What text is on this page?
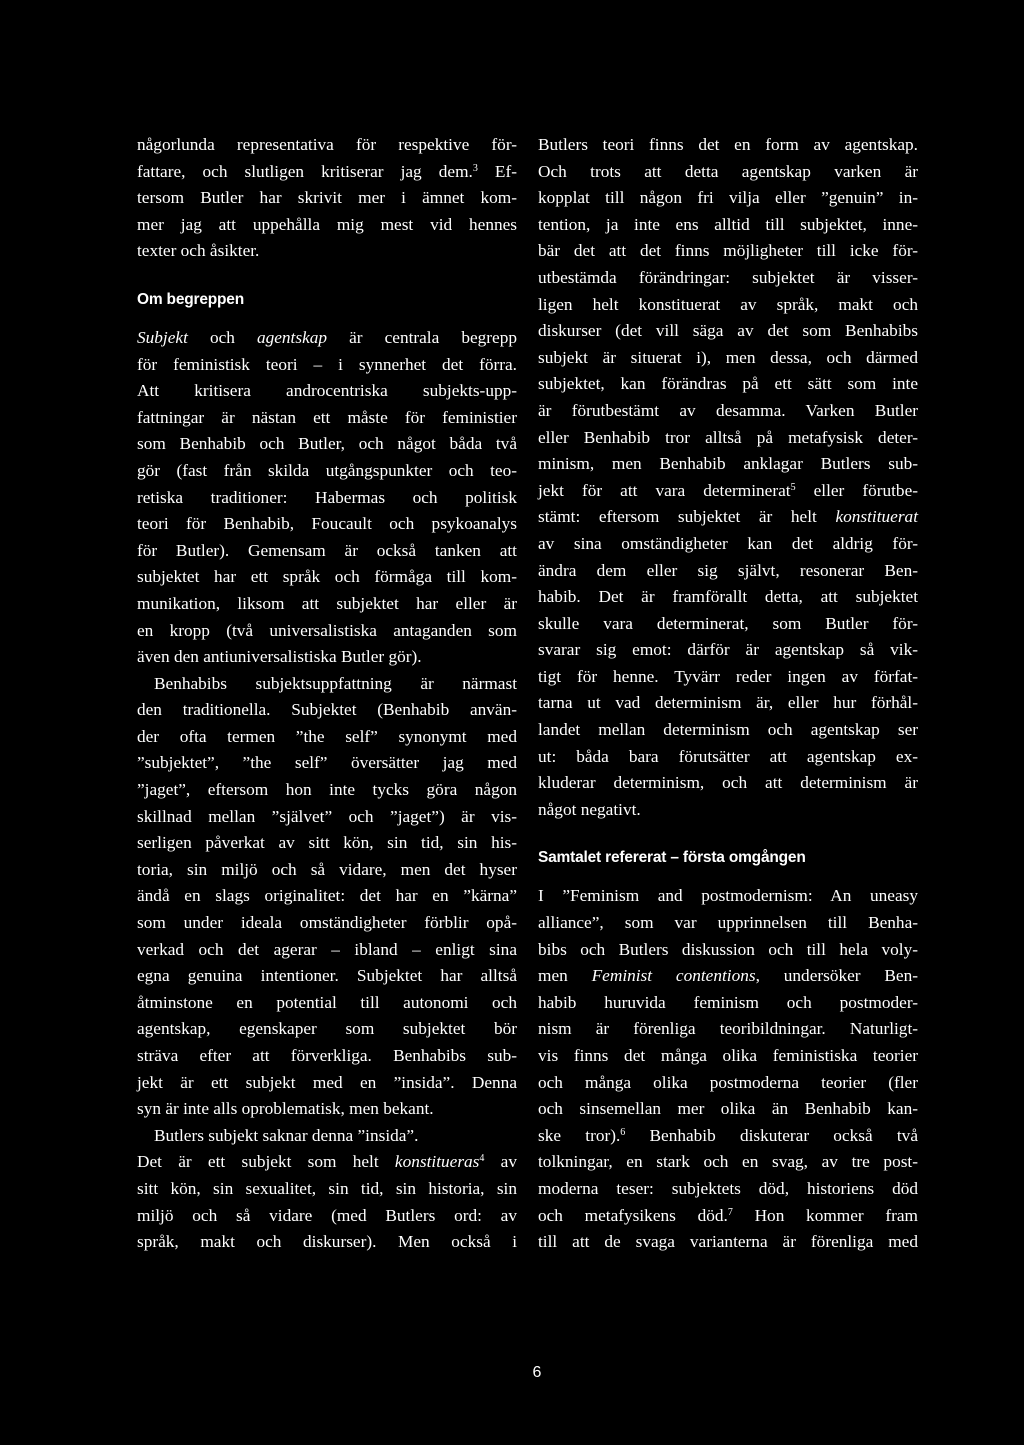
någorlunda representativa för respektive för-
fattare, och slutligen kritiserar jag dem.$^3$ Ef-
tersom Butler har skrivit mer i ämnet kom-
mer jag att uppehålla mig mest vid hennes
texter och åsikter.
Om begreppen
Subjekt och agentskap är centrala begrepp
för feministisk teori – i synnerhet det förra.
Att kritisera androcentriska subjekts-upp-
fattningar är nästan ett måste för feministier
som Benhabib och Butler, och något båda två
gör (fast från skilda utgångspunkter och teo-
retiska traditioner: Habermas och politisk
teori för Benhabib, Foucault och psykoanalys
för Butler). Gemensam är också tanken att
subjektet har ett språk och förmåga till kom-
munikation, liksom att subjektet har eller är
en kropp (två universalistiska antaganden som
även den antiuniversalistiska Butler gör).
Benhabibs subjektsuppfattning är närmast
den traditionella. Subjektet (Benhabib använ-
der ofta termen ”the self” synonymt med
”subjektet”, ”the self” översätter jag med
”jaget”, eftersom hon inte tycks göra någon
skillnad mellan ”självet” och ”jaget”) är vis-
serligen påverkat av sitt kön, sin tid, sin his-
toria, sin miljö och så vidare, men det hyser
ändå en slags originalitet: det har en ”kärna”
som under ideala omständigheter förblir opå-
verkad och det agerar – ibland – enligt sina
egna genuina intentioner. Subjektet har alltså
åtminstone en potential till autonomi och
agentskap, egenskaper som subjektet bör
sträva efter att förverkliga. Benhabibs sub-
jekt är ett subjekt med en ”insida”. Denna
syn är inte alls oproblematisk, men bekant.
Butlers subjekt saknar denna ”insida”.
Det är ett subjekt som helt konstitueras$^4$ av
sitt kön, sin sexualitet, sin tid, sin historia, sin
miljö och så vidare (med Butlers ord: av
språk, makt och diskurser). Men också i
Butlers teori finns det en form av agentskap.
Och trots att detta agentskap varken är
kopplat till någon fri vilja eller ”genuin” in-
tention, ja inte ens alltid till subjektet, inne-
bär det att det finns möjligheter till icke för-
utbestämda förändringar: subjektet är visser-
ligen helt konstituerat av språk, makt och
diskurser (det vill säga av det som Benhabibs
subjekt är situerat i), men dessa, och därmed
subjektet, kan förändras på ett sätt som inte
är förutbestämt av desamma. Varken Butler
eller Benhabib tror alltså på metafysisk deter-
minism, men Benhabib anklagar Butlers sub-
jekt för att vara determinerat$^5$ eller förutbe-
stämt: eftersom subjektet är helt konstituerat
av sina omständigheter kan det aldrig för-
ändra dem eller sig självt, resonerar Ben-
habib. Det är framförallt detta, att subjektet
skulle vara determinerat, som Butler för-
svarar sig emot: därför är agentskap så vik-
tigt för henne. Tyvärr reder ingen av förfat-
tarna ut vad determinism är, eller hur förhål-
landet mellan determinism och agentskap ser
ut: båda bara förutsätter att agentskap ex-
kluderar determinism, och att determinism är
något negativt.
Samtalet refererat – första omgången
I ”Feminism and postmodernism: An uneasy
alliance”, som var upprinnelsen till Benha-
bibs och Butlers diskussion och till hela voly-
men Feminist contentions, undersöker Ben-
habib huruvida feminism och postmoder-
nism är förenliga teoribildningar. Naturligt-
vis finns det många olika feministiska teorier
och många olika postmoderna teorier (fler
och sinsemellan mer olika än Benhabib kan-
ske tror).$^6$ Benhabib diskuterar också två
tolkningar, en stark och en svag, av tre post-
moderna teser: subjektets död, historiens död
och metafysikens död.$^7$ Hon kommer fram
till att de svaga varianterna är förenliga med
6
